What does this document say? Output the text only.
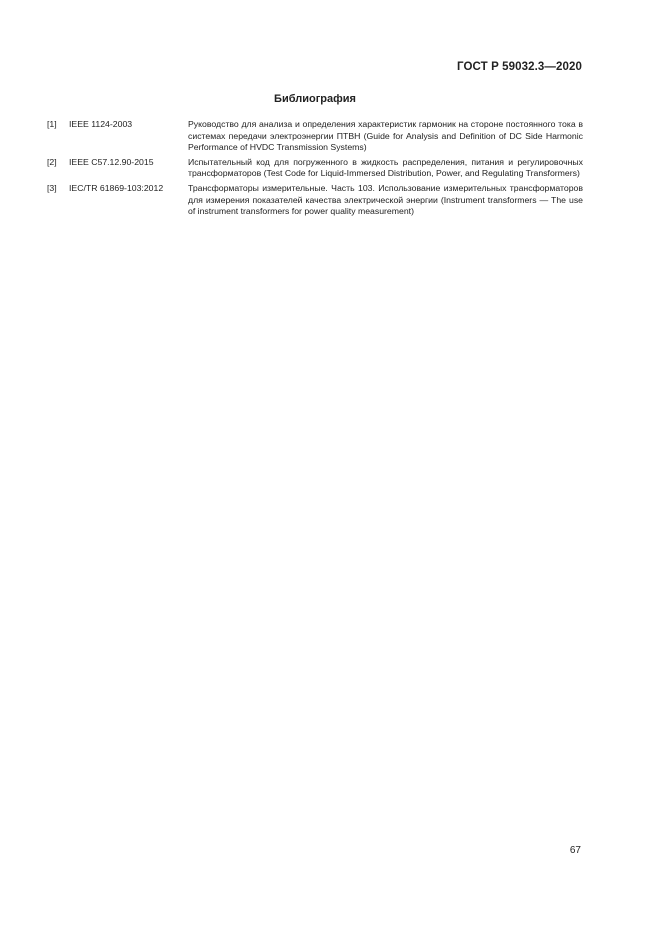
ГОСТ Р 59032.3—2020
Библиография
[1]	IEEE 1124-2003	Руководство для анализа и определения характеристик гармоник на стороне постоянного тока в системах передачи электроэнергии ПТВН (Guide for Analysis and Definition of DC Side Harmonic Performance of HVDC Transmission Systems)
[2]	IEEE C57.12.90-2015	Испытательный код для погруженного в жидкость распределения, питания и регулировочных трансформаторов (Test Code for Liquid-Immersed Distribution, Power, and Regulating Transformers)
[3]	IEC/TR 61869-103:2012	Трансформаторы измерительные. Часть 103. Использование измерительных трансформаторов для измерения показателей качества электрической энергии (Instrument transformers — The use of instrument transformers for power quality measurement)
67
